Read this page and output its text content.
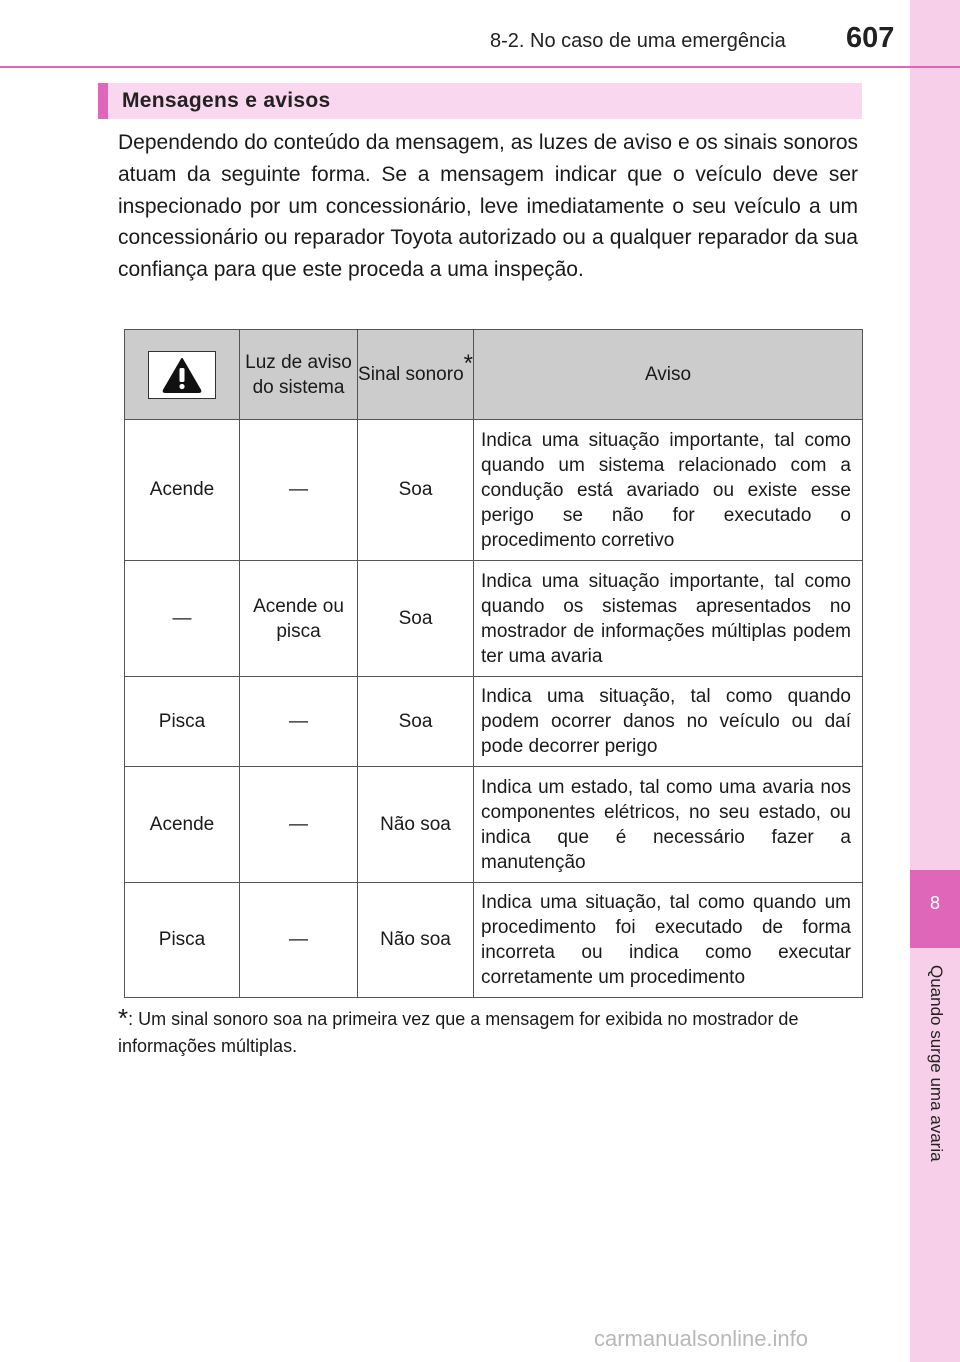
8
Quando surge uma avaria
8-2. No caso de uma emergência 607
Mensagens e avisos

Dependendo do conteúdo da mensagem, as luzes de aviso e os sinais sonoros atuam da seguinte forma. Se a mensagem indicar que o veículo deve ser inspecionado por um concessionário, leve imediatamente o seu veículo a um concessionário ou reparador Toyota autorizado ou a qualquer reparador da sua confiança para que este proceda a uma inspeção.

	Luz de aviso do sistema	Sinal sonoro*	Aviso
Acende	—	Soa	Indica uma situação importante, tal como quando um sistema relacionado com a condução está avariado ou existe esse perigo se não for executado o procedimento corretivo
—	Acende ou pisca	Soa	Indica uma situação importante, tal como quando os sistemas apresentados no mostrador de informações múltiplas podem ter uma avaria
Pisca	—	Soa	Indica uma situação, tal como quando podem ocorrer danos no veículo ou daí pode decorrer perigo
Acende	—	Não soa	Indica um estado, tal como uma avaria nos componentes elétricos, no seu estado, ou indica que é necessário fazer a manutenção
Pisca	—	Não soa	Indica uma situação, tal como quando um procedimento foi executado de forma incorreta ou indica como executar corretamente um procedimento
*: Um sinal sonoro soa na primeira vez que a mensagem for exibida no mostrador de informações múltiplas.
carmanualsonline.info
